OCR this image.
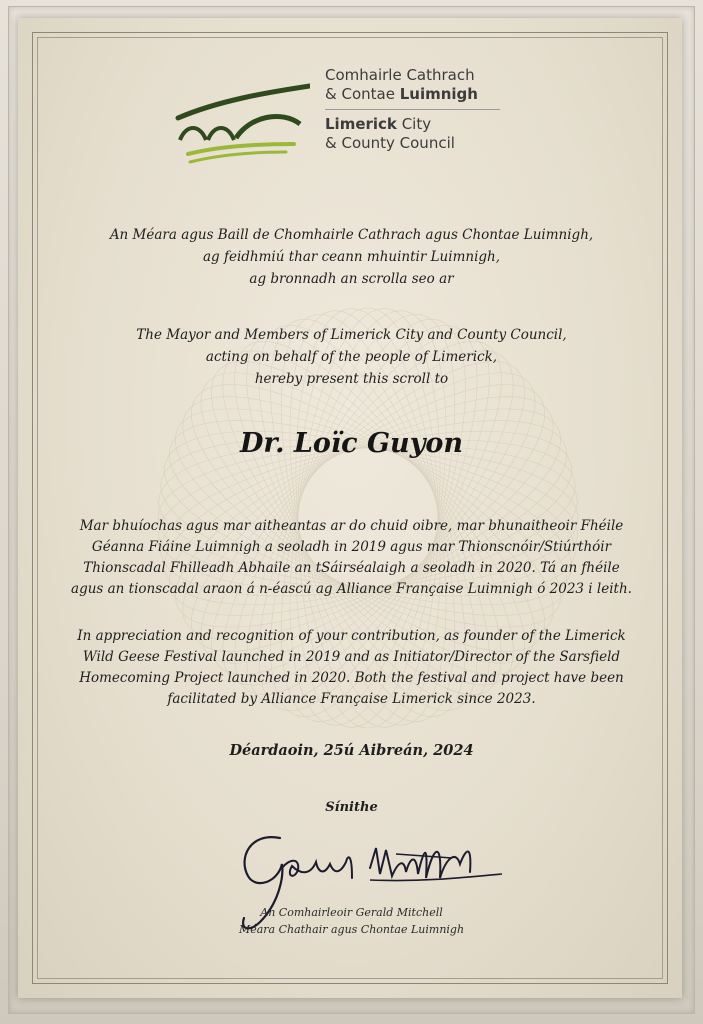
Comhairle Cathrach
& Contae Luimnigh
Limerick City
& County Council
An Méara agus Baill de Chomhairle Cathrach agus Chontae Luimnigh,
ag feidhmiú thar ceann mhuintir Luimnigh,
ag bronnadh an scrolla seo ar
The Mayor and Members of Limerick City and County Council,
acting on behalf of the people of Limerick,
hereby present this scroll to
Dr. Loïc Guyon
Mar bhuíochas agus mar aitheantas ar do chuid oibre, mar bhunaitheoir Fhéile
Géanna Fiáine Luimnigh a seoladh in 2019 agus mar Thionscnóir/Stiúrthóir
Thionscadal Fhilleadh Abhaile an tSáirséalaigh a seoladh in 2020. Tá an fhéile
agus an tionscadal araon á n-éascú ag Alliance Française Luimnigh ó 2023 i leith.
In appreciation and recognition of your contribution, as founder of the Limerick
Wild Geese Festival launched in 2019 and as Initiator/Director of the Sarsfield
Homecoming Project launched in 2020. Both the festival and project have been
facilitated by Alliance Française Limerick since 2023.
Déardaoin, 25ú Aibreán, 2024
Sínithe
An Comhairleoir Gerald Mitchell
Méara Chathair agus Chontae Luimnigh
